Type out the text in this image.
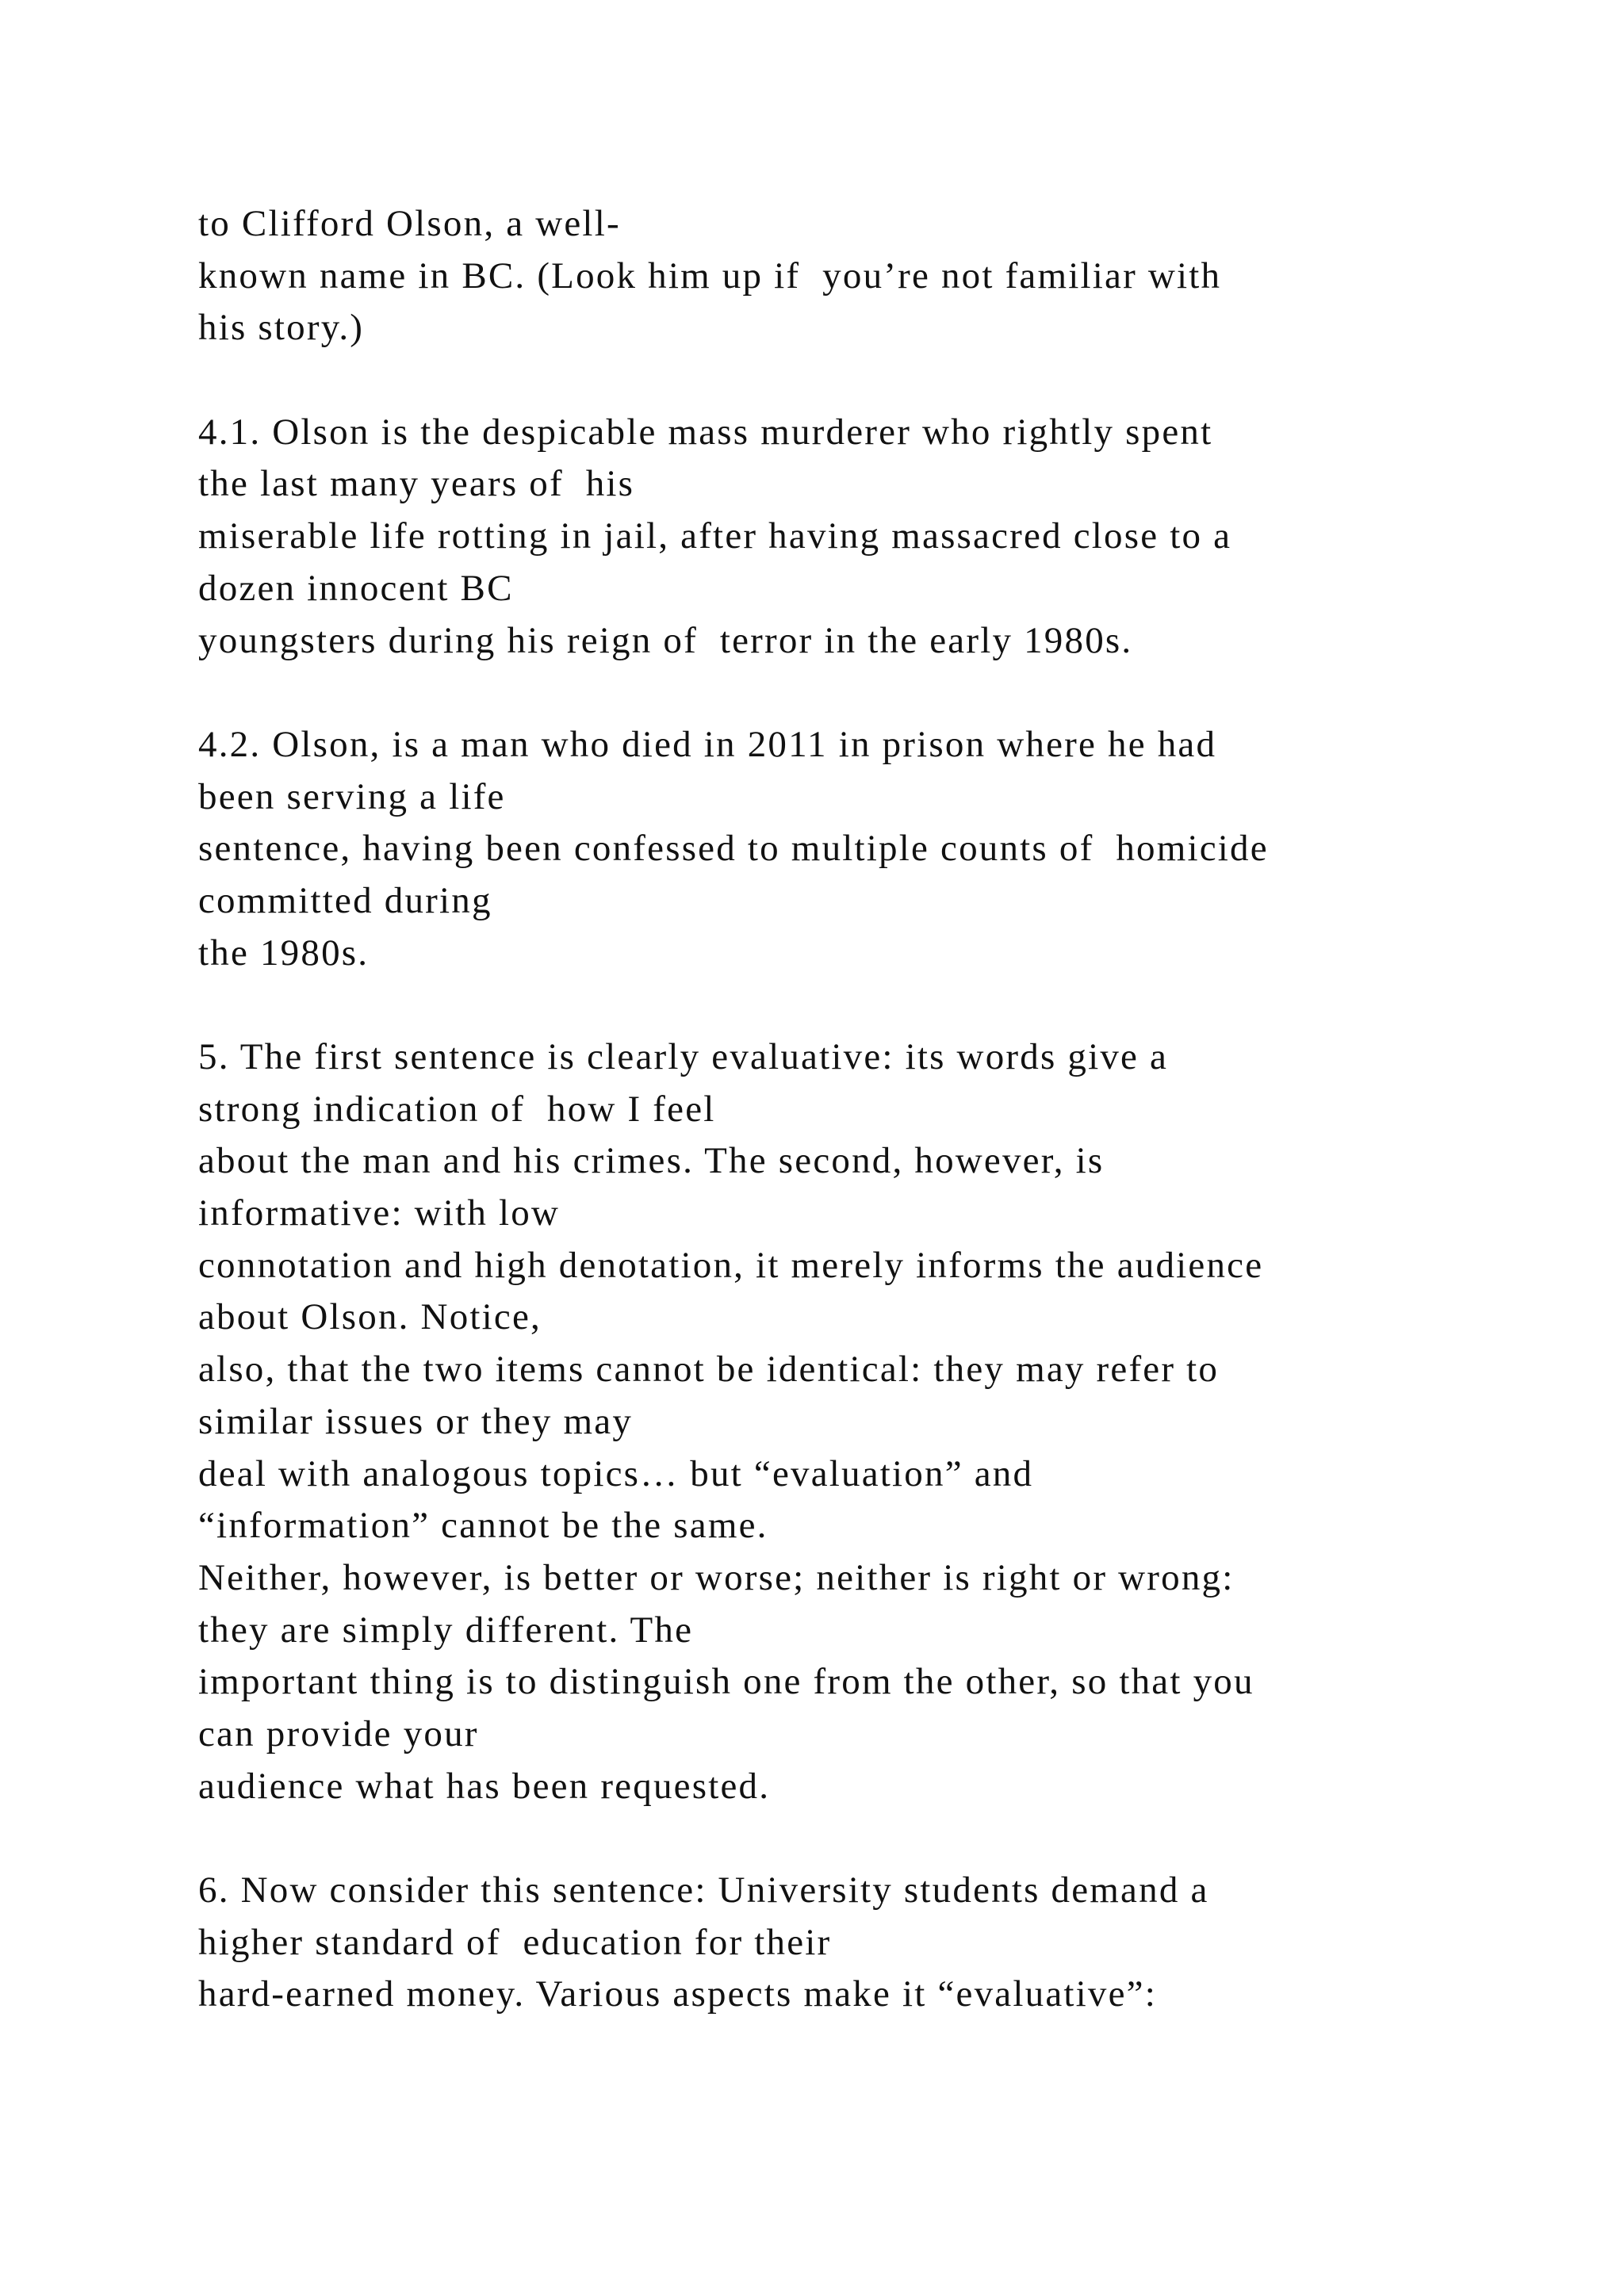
to Clifford Olson, a well-
known name in BC. (Look him up if  you’re not familiar with
his story.)
4.1. Olson is the despicable mass murderer who rightly spent
the last many years of  his
miserable life rotting in jail, after having massacred close to a
dozen innocent BC
youngsters during his reign of  terror in the early 1980s.
4.2. Olson, is a man who died in 2011 in prison where he had
been serving a life
sentence, having been confessed to multiple counts of  homicide
committed during
the 1980s.
5. The first sentence is clearly evaluative: its words give a
strong indication of  how I feel
about the man and his crimes. The second, however, is
informative: with low
connotation and high denotation, it merely informs the audience
about Olson. Notice,
also, that the two items cannot be identical: they may refer to
similar issues or they may
deal with analogous topics… but “evaluation” and
“information” cannot be the same.
Neither, however, is better or worse; neither is right or wrong:
they are simply different. The
important thing is to distinguish one from the other, so that you
can provide your
audience what has been requested.
6. Now consider this sentence: University students demand a
higher standard of  education for their
hard-earned money. Various aspects make it “evaluative”:
